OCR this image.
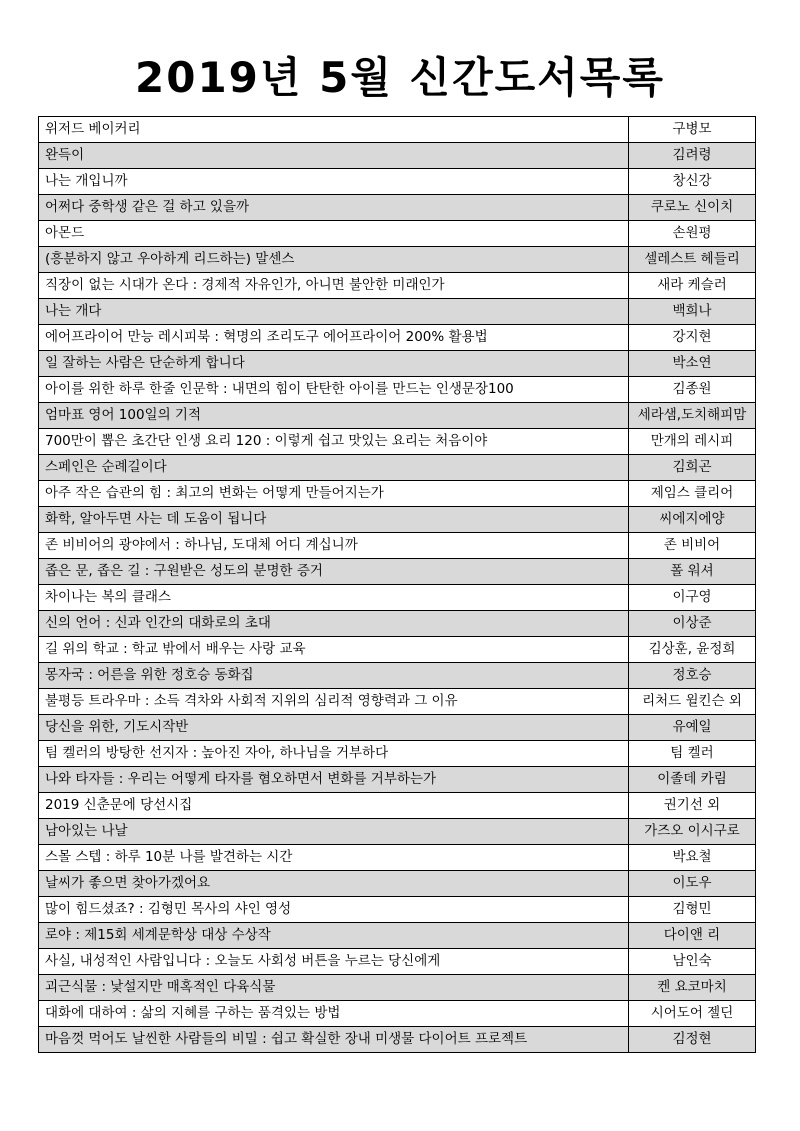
2019년 5월 신간도서목록
위저드 베이커리	구병모
완득이	김려령
나는 개입니까	창신강
어쩌다 중학생 같은 걸 하고 있을까	쿠로노 신이치
아몬드	손원평
(흥분하지 않고 우아하게 리드하는) 말센스	셀레스트 헤들리
직장이 없는 시대가 온다 : 경제적 자유인가, 아니면 불안한 미래인가	새라 케슬러
나는 개다	백희나
에어프라이어 만능 레시피북 : 혁명의 조리도구 에어프라이어 200% 활용법	강지현
일 잘하는 사람은 단순하게 합니다	박소연
아이를 위한 하루 한줄 인문학 : 내면의 힘이 탄탄한 아이를 만드는 인생문장100	김종원
엄마표 영어 100일의 기적	세라샘,도치해피맘
700만이 뽑은 초간단 인생 요리 120 : 이렇게 쉽고 맛있는 요리는 처음이야	만개의 레시피
스페인은 순례길이다	김희곤
아주 작은 습관의 힘 : 최고의 변화는 어떻게 만들어지는가	제임스 클리어
화학, 알아두면 사는 데 도움이 됩니다	씨에지에양
존 비비어의 광야에서 : 하나님, 도대체 어디 계십니까	존 비비어
좁은 문, 좁은 길 : 구원받은 성도의 분명한 증거	폴 워셔
차이나는 복의 클래스	이구영
신의 언어 : 신과 인간의 대화로의 초대	이상준
길 위의 학교 : 학교 밖에서 배우는 사랑 교육	김상훈, 윤정희
몽자국 : 어른을 위한 정호승 동화집	정호승
불평등 트라우마 : 소득 격차와 사회적 지위의 심리적 영향력과 그 이유	리처드 윌킨슨 외
당신을 위한, 기도시작반	유예일
팀 켈러의 방탕한 선지자 : 높아진 자아, 하나님을 거부하다	팀 켈러
나와 타자들 : 우리는 어떻게 타자를 혐오하면서 변화를 거부하는가	이졸데 카림
2019 신춘문에 당선시집	권기선 외
남아있는 나날	가즈오 이시구로
스몰 스텝 : 하루 10분 나를 발견하는 시간	박요철
날씨가 좋으면 찾아가겠어요	이도우
많이 힘드셨죠? : 김형민 목사의 샤인 영성	김형민
로야 : 제15회 세계문학상 대상 수상작	다이앤 리
사실, 내성적인 사람입니다 : 오늘도 사회성 버튼을 누르는 당신에게	남인숙
괴근식물 : 낯설지만 매혹적인 다육식물	켄 요코마치
대화에 대하여 : 삶의 지혜를 구하는 품격있는 방법	시어도어 젤딘
마음껏 먹어도 날씬한 사람들의 비밀 : 쉽고 확실한 장내 미생물 다이어트 프로젝트	김정현
